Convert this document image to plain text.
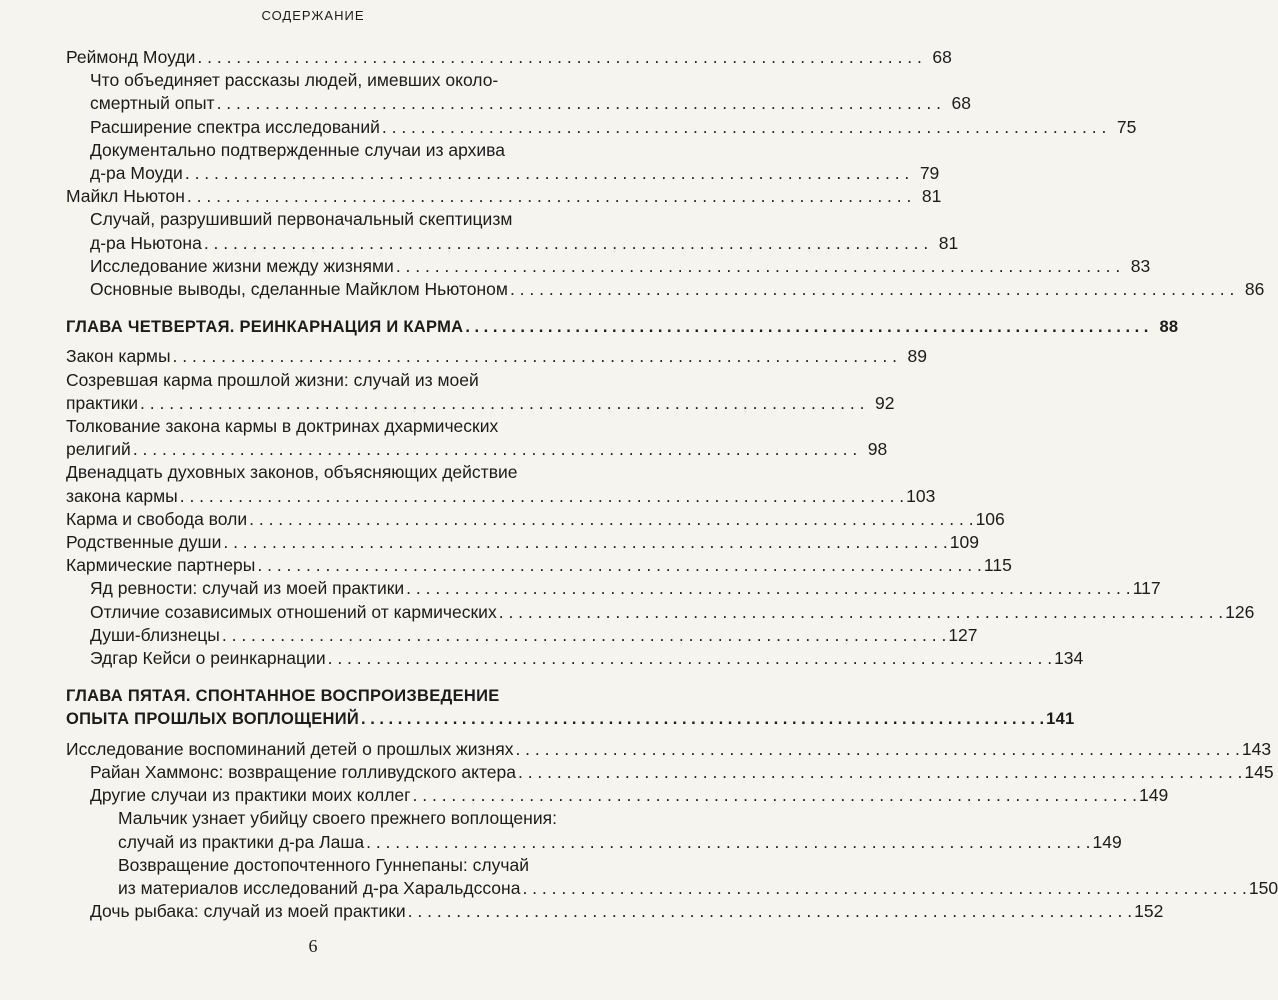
СОДЕРЖАНИЕ
Реймонд Моуди . . .	68
Что объединяет рассказы людей, имевших около-
смертный опыт . . .	68
Расширение спектра исследований . . .	75
Документально подтвержденные случаи из архива
д-ра Моуди . . .	79
Майкл Ньютон . . .	81
Случай, разрушивший первоначальный скептицизм
д-ра Ньютона . . .	81
Исследование жизни между жизнями . . .	83
Основные выводы, сделанные Майклом Ньютоном . . .	86
ГЛАВА ЧЕТВЕРТАЯ. РЕИНКАРНАЦИЯ И КАРМА . . .	88
Закон кармы . . .	89
Созревшая карма прошлой жизни: случай из моей
практики . . .	92
Толкование закона кармы в доктринах дхармических
религий . . .	98
Двенадцать духовных законов, объясняющих действие
закона кармы . . .	103
Карма и свобода воли . . .	106
Родственные души . . .	109
Кармические партнеры . . .	115
Яд ревности: случай из моей практики . . .	117
Отличие созависимых отношений от кармических . . .	126
Души-близнецы . . .	127
Эдгар Кейси о реинкарнации . . .	134
ГЛАВА ПЯТАЯ. СПОНТАННОЕ ВОСПРОИЗВЕДЕНИЕ
ОПЫТА ПРОШЛЫХ ВОПЛОЩЕНИЙ . . .	141
Исследование воспоминаний детей о прошлых жизнях . . .	143
Райан Хаммонс: возвращение голливудского актера . . .	145
Другие случаи из практики моих коллег . . .	149
Мальчик узнает убийцу своего прежнего воплощения:
случай из практики д-ра Лаша . . .	149
Возвращение достопочтенного Гуннепаны: случай
из материалов исследований д-ра Харальдссона . . .	150
Дочь рыбака: случай из моей практики . . .	152
6
